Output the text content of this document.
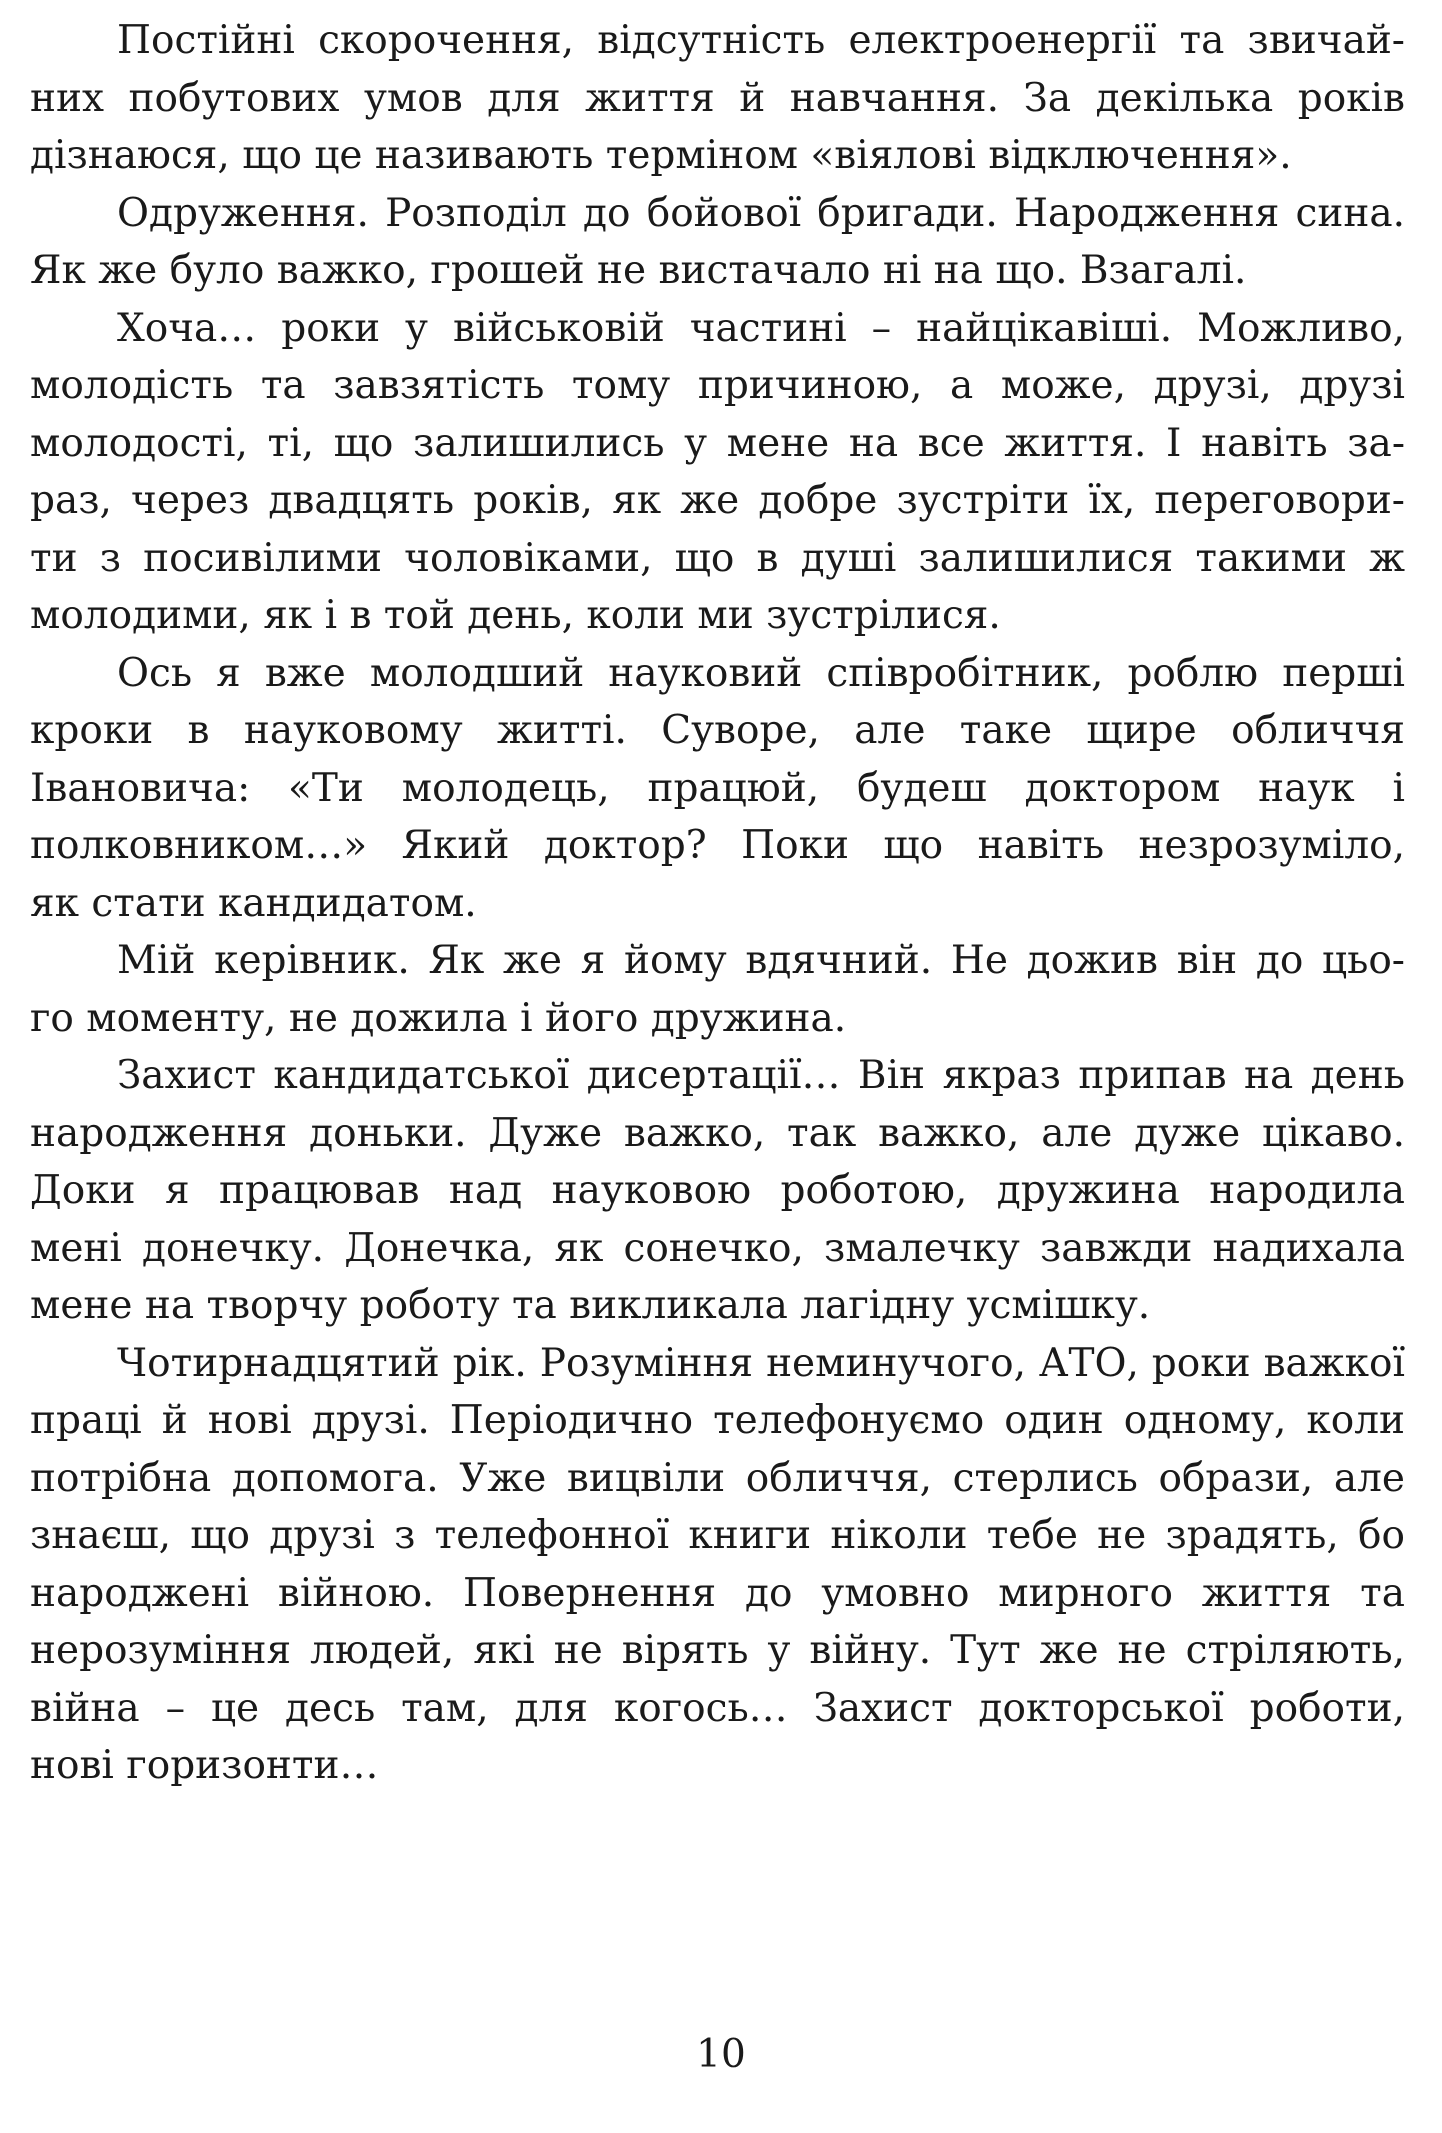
Постійні скорочення, відсутність електроенергії та звичай-
них побутових умов для життя й навчання. За декілька років
дізнаюся, що це називають терміном «віялові відключення».

Одруження. Розподіл до бойової бригади. Народження сина.
Як же було важко, грошей не вистачало ні на що. Взагалі.

Хоча… роки у військовій частині – найцікавіші. Можливо,
молодість та завзятість тому причиною, а може, друзі, друзі
молодості, ті, що залишились у мене на все життя. І навіть за-
раз, через двадцять років, як же добре зустріти їх, переговори-
ти з посивілими чоловіками, що в душі залишилися такими ж
молодими, як і в той день, коли ми зустрілися.

Ось я вже молодший науковий співробітник, роблю перші
кроки в науковому житті. Суворе, але таке щире обличчя
Івановича: «Ти молодець, працюй, будеш доктором наук і
полковником…» Який доктор? Поки що навіть незрозуміло,
як стати кандидатом.

Мій керівник. Як же я йому вдячний. Не дожив він до цьо-
го моменту, не дожила і його дружина.

Захист кандидатської дисертації… Він якраз припав на день
народження доньки. Дуже важко, так важко, але дуже цікаво.
Доки я працював над науковою роботою, дружина народила
мені донечку. Донечка, як сонечко, змалечку завжди надихала
мене на творчу роботу та викликала лагідну усмішку.

Чотирнадцятий рік. Розуміння неминучого, АТО, роки важкої
праці й нові друзі. Періодично телефонуємо один одному, коли
потрібна допомога. Уже вицвіли обличчя, стерлись образи, але
знаєш, що друзі з телефонної книги ніколи тебе не зрадять, бо
народжені війною. Повернення до умовно мирного життя та
нерозуміння людей, які не вірять у війну. Тут же не стріляють,
війна – це десь там, для когось… Захист докторської роботи,
нові горизонти…

10
